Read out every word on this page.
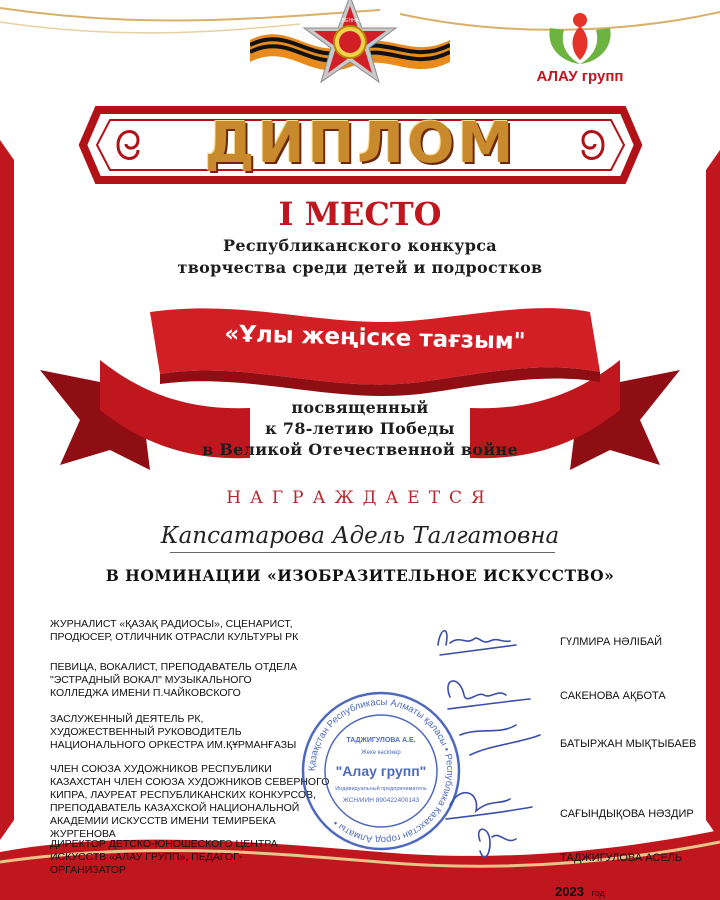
ОТЕЧЕСТВЕННАЯ ВОЙНА
АЛАУ групп
ДИПЛОМ
I МЕСТО
Республиканского конкурса
творчества среди детей и подростков
«Ұлы жеңіске тағзым"
посвященный
к 78-летию Победы
в Великой Отечественной войне
НАГРАЖДАЕТСЯ
Капсатарова Адель Талгатовна
В НОМИНАЦИИ «ИЗОБРАЗИТЕЛЬНОЕ ИСКУССТВО»
ЖУРНАЛИСТ «ҚАЗАҚ РАДИОСЫ», СЦЕНАРИСТ, ПРОДЮСЕР, ОТЛИЧНИК ОТРАСЛИ КУЛЬТУРЫ РК
ПЕВИЦА, ВОКАЛИСТ, ПРЕПОДАВАТЕЛЬ ОТДЕЛА "ЭСТРАДНЫЙ ВОКАЛ" МУЗЫКАЛЬНОГО КОЛЛЕДЖА ИМЕНИ П.ЧАЙКОВСКОГО
ЗАСЛУЖЕННЫЙ ДЕЯТЕЛЬ РК, ХУДОЖЕСТВЕННЫЙ РУКОВОДИТЕЛЬ НАЦИОНАЛЬНОГО ОРКЕСТРА ИМ.ҚҰРМАНҒАЗЫ
ЧЛЕН СОЮЗА ХУДОЖНИКОВ РЕСПУБЛИКИ КАЗАХСТАН ЧЛЕН СОЮЗА ХУДОЖНИКОВ СЕВЕРНОГО КИПРА, ЛАУРЕАТ РЕСПУБЛИКАНСКИХ КОНКУРСОВ, ПРЕПОДАВАТЕЛЬ КАЗАХСКОЙ НАЦИОНАЛЬНОЙ АКАДЕМИИ ИСКУССТВ ИМЕНИ ТЕМИРБЕКА ЖУРГЕНОВА
ДИРЕКТОР ДЕТСКО-ЮНОШЕСКОГО ЦЕНТРА ИСКУССТВ «АЛАУ ГРУПП», ПЕДАГОГ-ОРГАНИЗАТОР
ГҮЛМИРА НӘЛІБАЙ
САКЕНОВА АҚБОТА
БАТЫРЖАН МЫҚТЫБАЕВ
САҒЫНДЫҚОВА НӘЗДИР
ТАДЖИГУЛОВА АСЕЛЬ
Қазақстан Республикасы Алматы қаласы • Республика Казахстан город Алматы •
ТАДЖИГУЛОВА А.Е.
Жеке кәсіпкер
"Алау групп"
Индивидуальный предприниматель
ЖСН/ИИН 890422400143
2023 год
